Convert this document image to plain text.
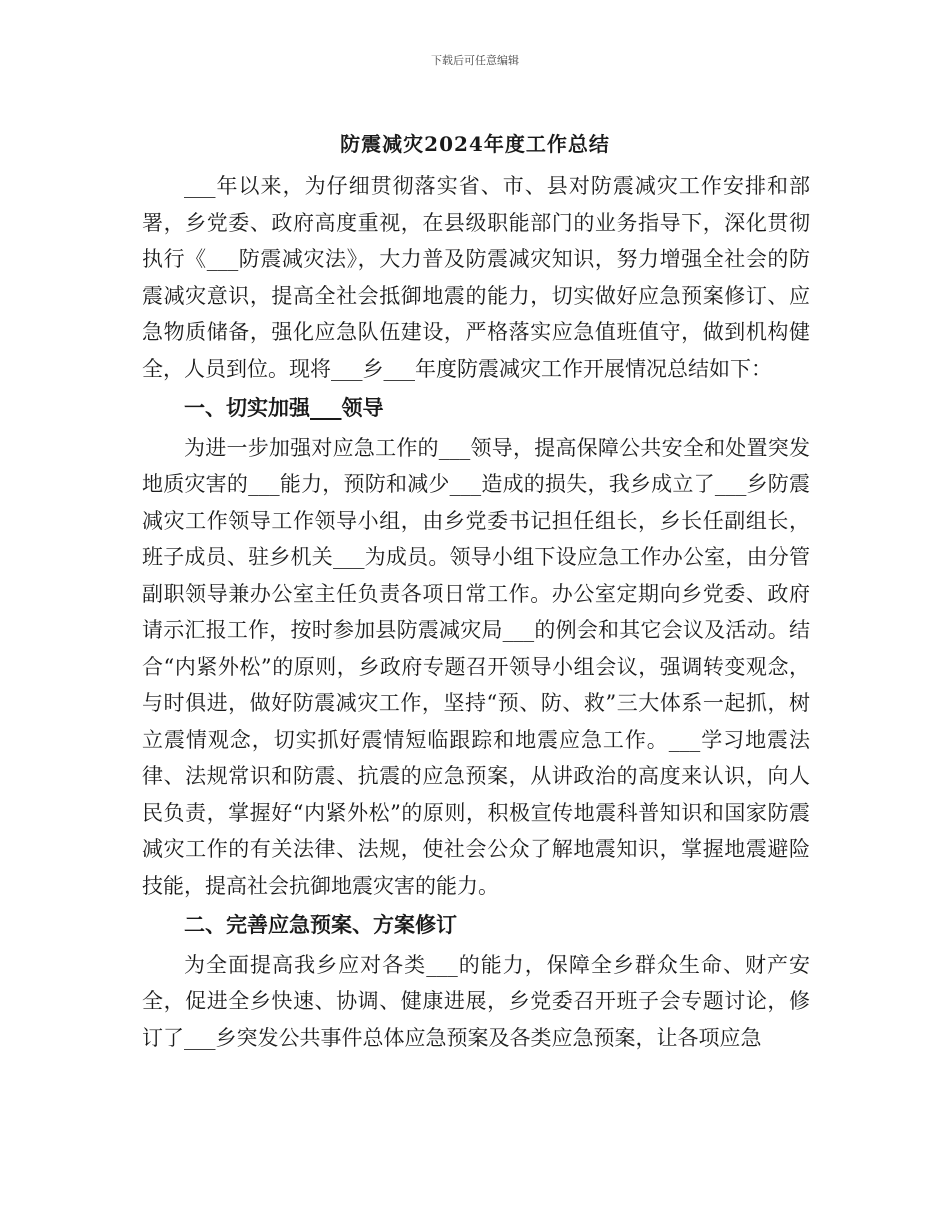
下载后可任意编辑
防震减灾2024年度工作总结

___年以来，为仔细贯彻落实省、市、县对防震减灾工作安排和部署，乡党委、政府高度重视，在县级职能部门的业务指导下，深化贯彻执行《___防震减灾法》，大力普及防震减灾知识，努力增强全社会的防震减灾意识，提高全社会抵御地震的能力，切实做好应急预案修订、应急物质储备，强化应急队伍建设，严格落实应急值班值守，做到机构健全，人员到位。现将___乡___年度防震减灾工作开展情况总结如下：

一、切实加强___领导

为进一步加强对应急工作的___领导，提高保障公共安全和处置突发地质灾害的___能力，预防和减少___造成的损失，我乡成立了___乡防震减灾工作领导工作领导小组，由乡党委书记担任组长，乡长任副组长，班子成员、驻乡机关___为成员。领导小组下设应急工作办公室，由分管副职领导兼办公室主任负责各项日常工作。办公室定期向乡党委、政府请示汇报工作，按时参加县防震减灾局___的例会和其它会议及活动。结合“内紧外松”的原则，乡政府专题召开领导小组会议，强调转变观念，与时俱进，做好防震减灾工作，坚持“预、防、救”三大体系一起抓，树立震情观念，切实抓好震情短临跟踪和地震应急工作。___学习地震法律、法规常识和防震、抗震的应急预案，从讲政治的高度来认识，向人民负责，掌握好“内紧外松”的原则，积极宣传地震科普知识和国家防震减灾工作的有关法律、法规，使社会公众了解地震知识，掌握地震避险技能，提高社会抗御地震灾害的能力。

二、完善应急预案、方案修订

为全面提高我乡应对各类___的能力，保障全乡群众生命、财产安全，促进全乡快速、协调、健康进展，乡党委召开班子会专题讨论，修订了___乡突发公共事件总体应急预案及各类应急预案，让各项应急
